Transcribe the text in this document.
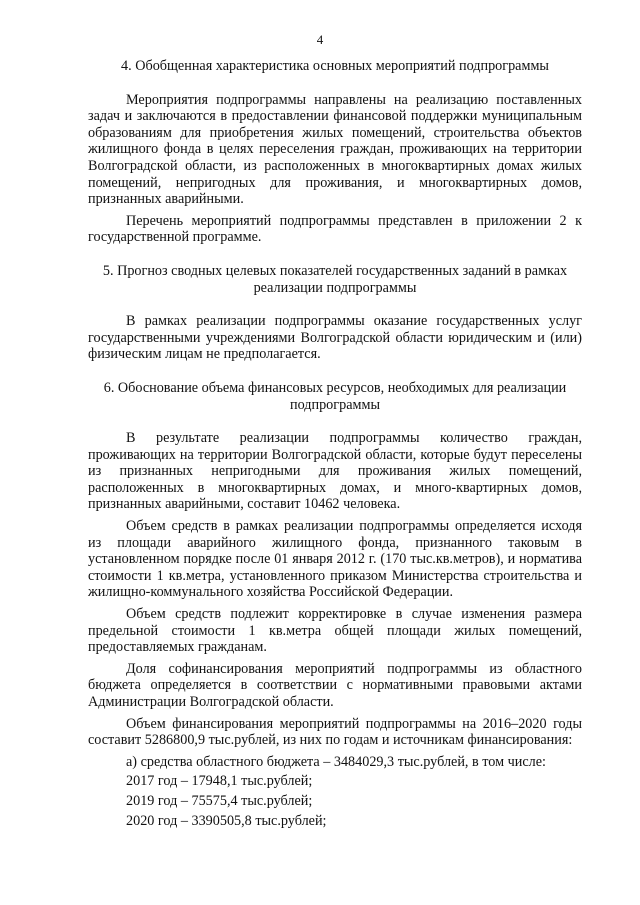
4

4. Обобщенная характеристика основных мероприятий подпрограммы

Мероприятия подпрограммы направлены на реализацию поставленных задач и заключаются в предоставлении финансовой поддержки муниципальным образованиям для приобретения жилых помещений, строительства объектов жилищного фонда в целях переселения граждан, проживающих на территории Волгоградской области, из расположенных в многоквартирных домах жилых помещений, непригодных для проживания, и многоквартирных домов, признанных аварийными.

Перечень мероприятий подпрограммы представлен в приложении 2 к государственной программе.

5. Прогноз сводных целевых показателей государственных заданий в рамках реализации подпрограммы

В рамках реализации подпрограммы оказание государственных услуг государственными учреждениями Волгоградской области юридическим и (или) физическим лицам не предполагается.

6. Обоснование объема финансовых ресурсов, необходимых для реализации подпрограммы

В результате реализации подпрограммы количество граждан, проживающих на территории Волгоградской области, которые будут переселены из признанных непригодными для проживания жилых помещений, расположенных в многоквартирных домах, и много-квартирных домов, признанных аварийными, составит 10462 человека.

Объем средств в рамках реализации подпрограммы определяется исходя из площади аварийного жилищного фонда, признанного таковым в установленном порядке после 01 января 2012 г. (170 тыс.кв.метров), и норматива стоимости 1 кв.метра, установленного приказом Министерства строительства и жилищно-коммунального хозяйства Российской Федерации.

Объем средств подлежит корректировке в случае изменения размера предельной стоимости 1 кв.метра общей площади жилых помещений, предоставляемых гражданам.

Доля софинансирования мероприятий подпрограммы из областного бюджета определяется в соответствии с нормативными правовыми актами Администрации Волгоградской области.

Объем финансирования мероприятий подпрограммы на 2016–2020 годы составит 5286800,9 тыс.рублей, из них по годам и источникам финансирования:

а) средства областного бюджета – 3484029,3 тыс.рублей, в том числе:

2017 год – 17948,1 тыс.рублей;

2019 год – 75575,4 тыс.рублей;

2020 год – 3390505,8 тыс.рублей;
